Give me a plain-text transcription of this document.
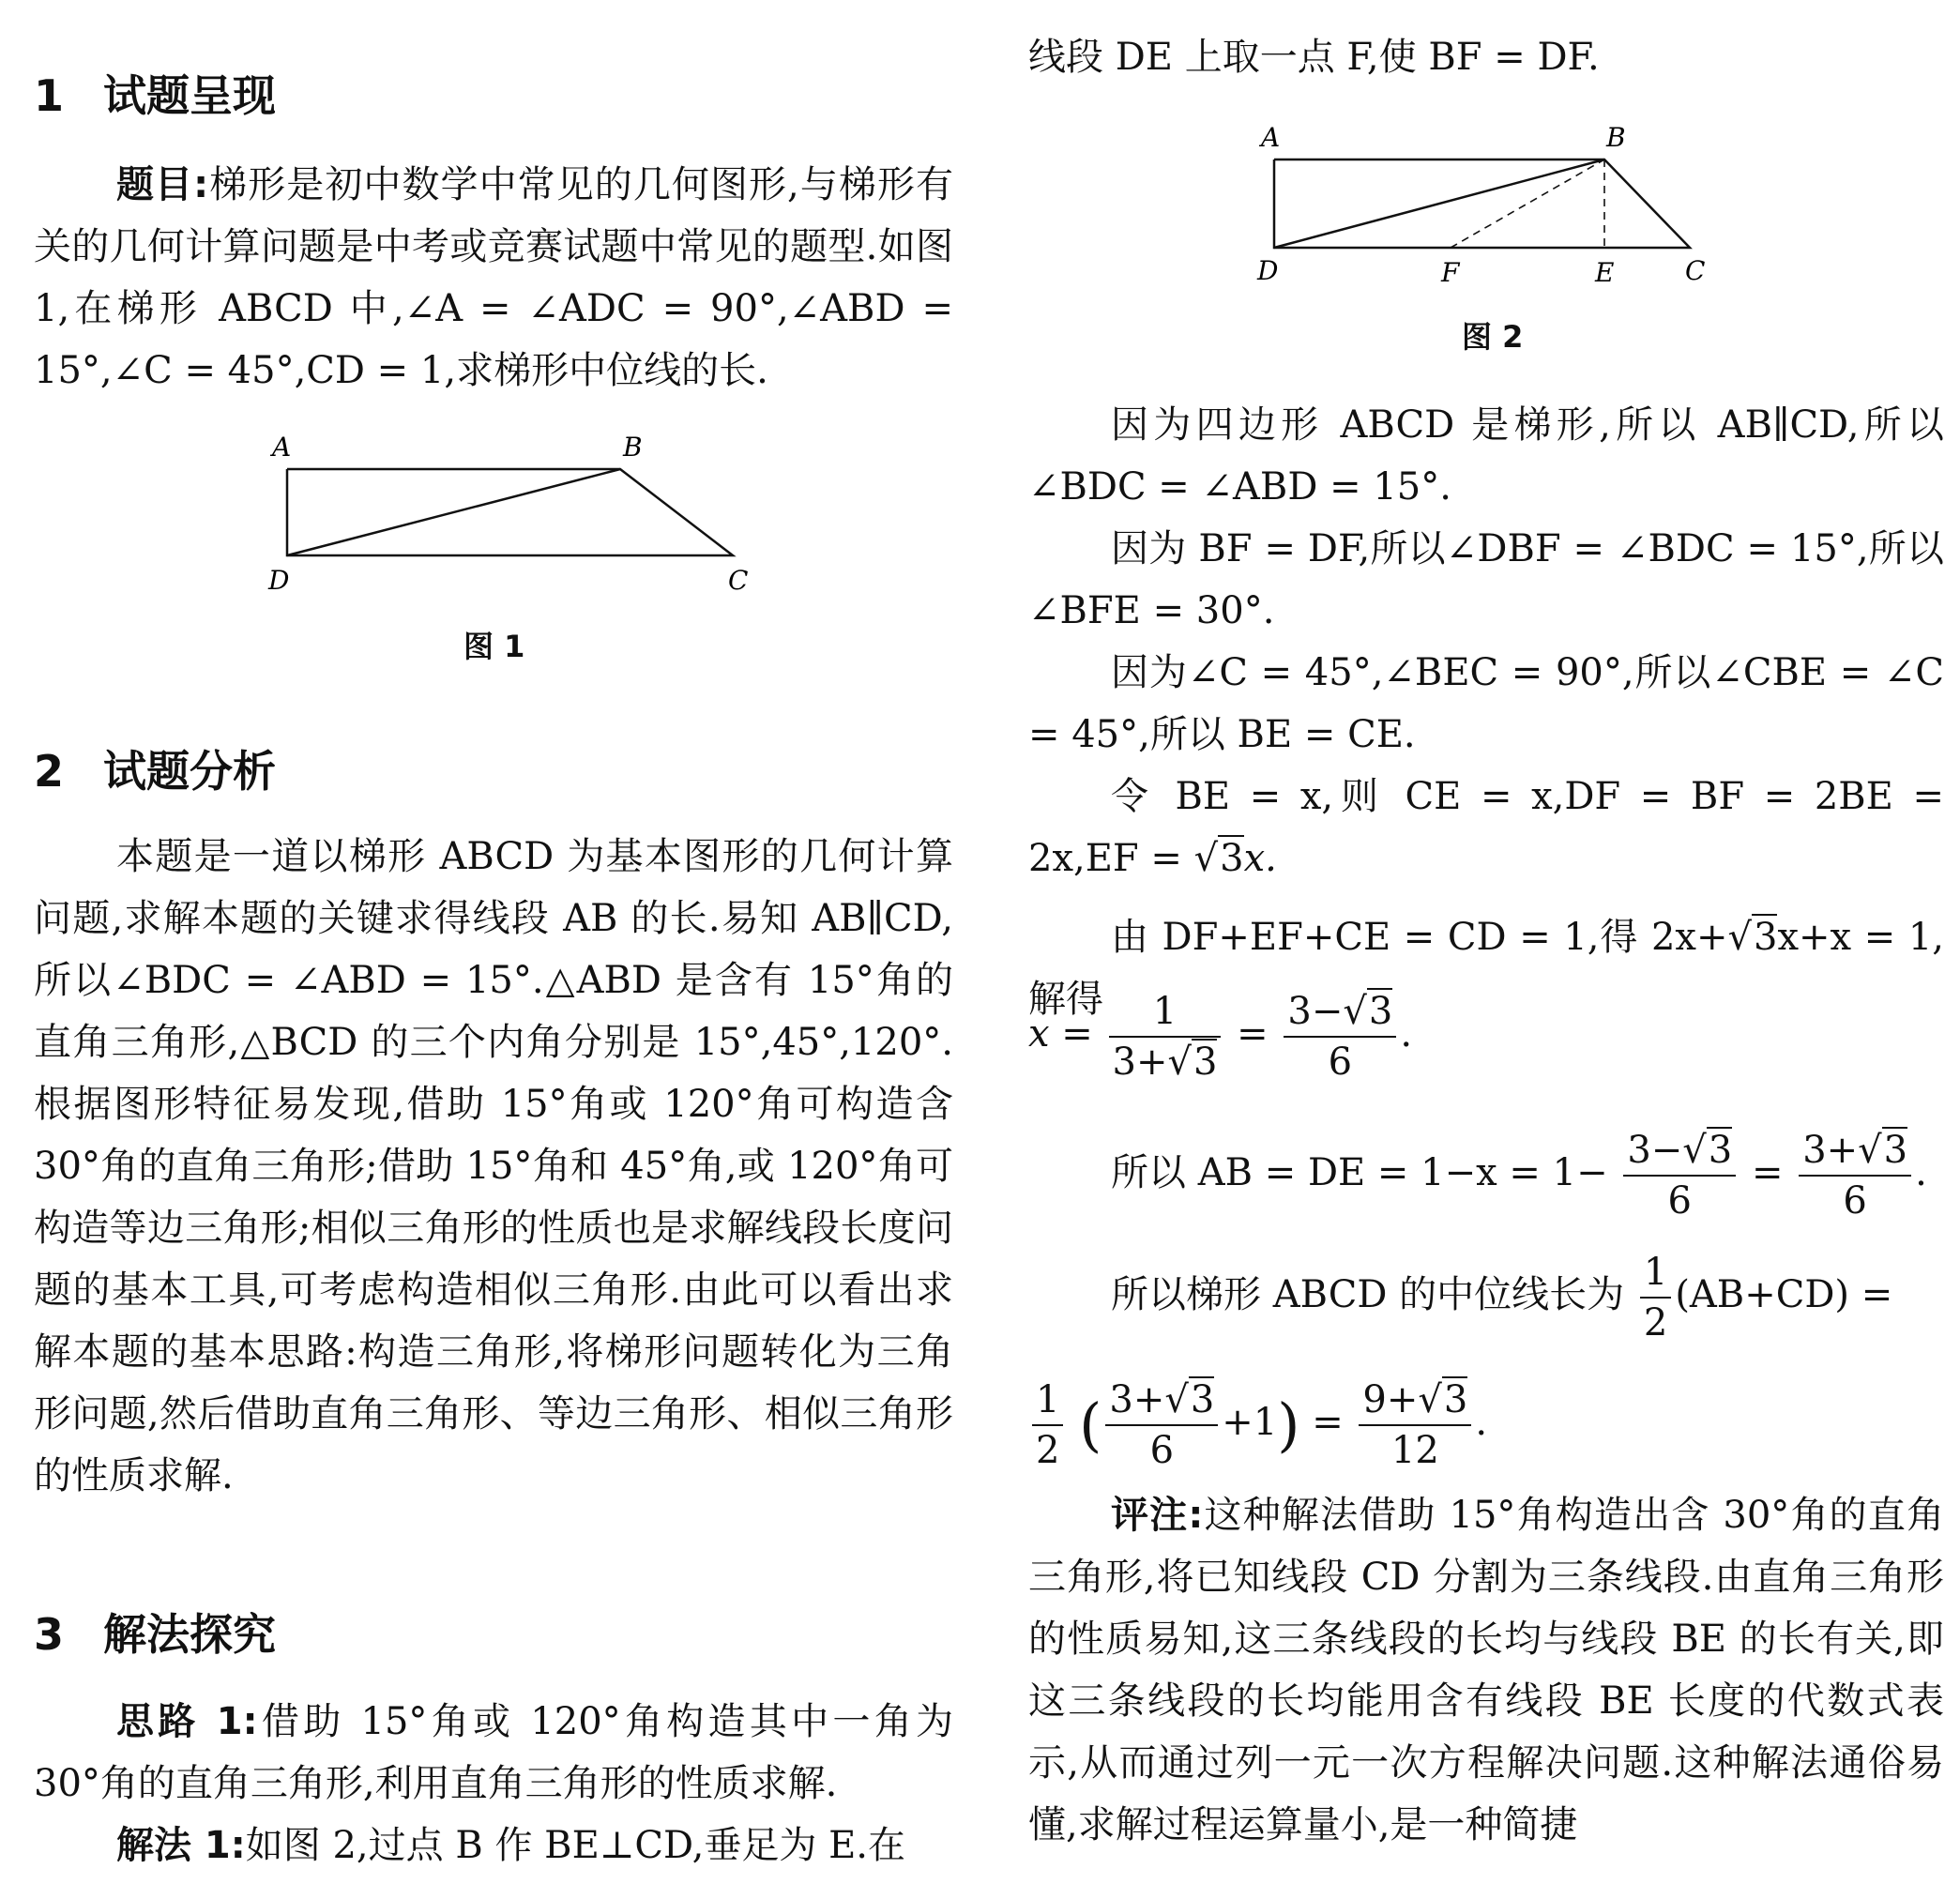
1 试题呈现

题目:梯形是初中数学中常见的几何图形,与梯形有关的几何计算问题是中考或竞赛试题中常见的题型.如图 1,在梯形 ABCD 中,∠A = ∠ADC = 90°,∠ABD = 15°,∠C = 45°,CD = 1,求梯形中位线的长.

A	B
D	C
图 1
2 试题分析

本题是一道以梯形 ABCD 为基本图形的几何计算问题,求解本题的关键求得线段 AB 的长.易知 AB∥CD,所以∠BDC = ∠ABD = 15°.△ABD 是含有 15°角的直角三角形,△BCD 的三个内角分别是 15°,45°,120°.根据图形特征易发现,借助 15°角或 120°角可构造含 30°角的直角三角形;借助 15°角和 45°角,或 120°角可构造等边三角形;相似三角形的性质也是求解线段长度问题的基本工具,可考虑构造相似三角形.由此可以看出求解本题的基本思路:构造三角形,将梯形问题转化为三角形问题,然后借助直角三角形、等边三角形、相似三角形的性质求解.

3 解法探究

思路 1:借助 15°角或 120°角构造其中一角为 30°角的直角三角形,利用直角三角形的性质求解.

解法 1:如图 2,过点 B 作 BE⊥CD,垂足为 E.在

线段 DE 上取一点 F,使 BF = DF.

A	B
D	F	E	C
图 2

因为四边形 ABCD 是梯形,所以 AB∥CD,所以∠BDC = ∠ABD = 15°.

因为 BF = DF,所以∠DBF = ∠BDC = 15°,所以∠BFE = 30°.

因为∠C = 45°,∠BEC = 90°,所以∠CBE = ∠C = 45°,所以 BE = CE.

令 BE = x,则 CE = x,DF = BF = 2BE = 2x,EF = √3x.

由 DF+EF+CE = CD = 1,得 2x+√3x+x = 1,解得

$x = \frac{1}{3+√3} = \frac{3-√3}{6}$ .
所以 AB = DE = $1-x = 1- \frac{3-√3}{6} = \frac{3+√3}{6}$ .
所以梯形 ABCD 的中位线长为 $\frac{1}{2} (AB+CD)$ =
$\frac{1}{2}$ ( $\frac{3+√3}{6} +1) = \frac{9+√3}{12}$ .

评注:这种解法借助 15°角构造出含 30°角的直角三角形,将已知线段 CD 分割为三条线段.由直角三角形的性质易知,这三条线段的长均与线段 BE 的长有关,即这三条线段的长均能用含有线段 BE 长度的代数式表示,从而通过列一元一次方程解决问题.这种解法通俗易懂,求解过程运算量小,是一种简捷
